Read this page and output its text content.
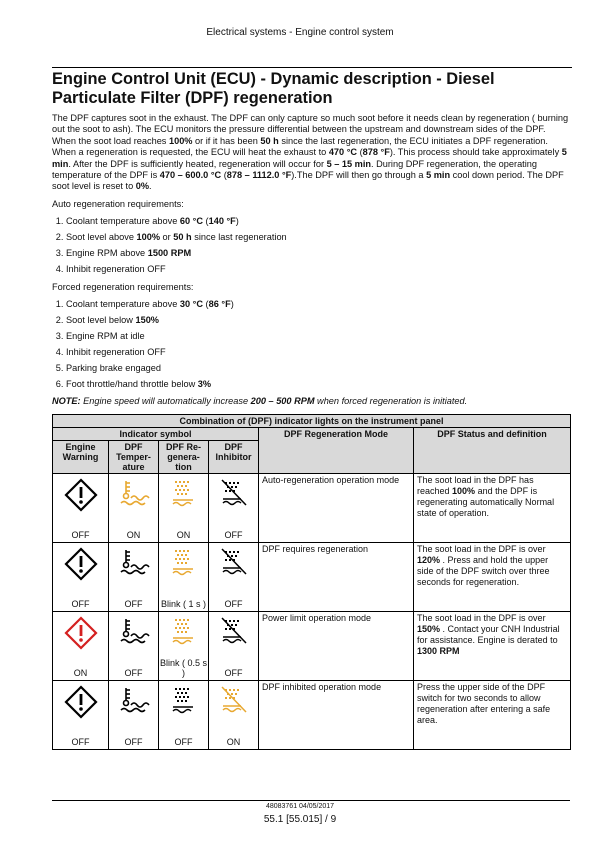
Electrical systems - Engine control system
Engine Control Unit (ECU) - Dynamic description - Diesel Particulate Filter (DPF) regeneration

The DPF captures soot in the exhaust. The DPF can only capture so much soot before it needs clean by regeneration ( burning out the soot to ash). The ECU monitors the pressure differential between the upstream and downstream sides of the DPF. When the soot load reaches 100% or if it has been 50 h since the last regeneration, the ECU initiates a DPF regeneration. When a regeneration is requested, the ECU will heat the exhaust to 470 °C (878 °F). This process should take approximately 5 min. After the DPF is sufficiently heated, regeneration will occur for 5 – 15 min. During DPF regeneration, the operating temperature of the DPF is 470 – 600.0 °C (878 – 1112.0 °F).The DPF will then go through a 5 min cool down period. The DPF soot level is reset to 0%.

Auto regeneration requirements:

1. Coolant temperature above 60 °C (140 °F)
2. Soot level above 100% or 50 h since last regeneration
3. Engine RPM above 1500 RPM
4. Inhibit regeneration OFF

Forced regeneration requirements:

1. Coolant temperature above 30 °C (86 °F)
2. Soot level below 150%
3. Engine RPM at idle
4. Inhibit regeneration OFF
5. Parking brake engaged
6. Foot throttle/hand throttle below 3%

NOTE: Engine speed will automatically increase 200 – 500 RPM when forced regeneration is initiated.

Combination of (DPF) indicator lights on the instrument panel					
Indicator symbol				DPF Regeneration Mode	DPF Status and definition
Engine Warning	DPF Temper-ature	DPF Re-genera-tion	DPF Inhibitor		

OFF	ON	ON	OFF	Auto-regeneration operation mode	The soot load in the DPF has reached 100% and the DPF is regenerating automatically Normal state of operation.

OFF	OFF	Blink ( 1 s )	OFF	DPF requires regeneration	The soot load in the DPF is over 120% . Press and hold the upper side of the DPF switch over three seconds for regeneration.

ON	OFF	Blink ( 0.5 s )	OFF	Power limit operation mode	The soot load in the DPF is over 150% . Contact your CNH Industrial for assistance. Engine is derated to 1300 RPM

OFF	OFF	OFF	ON	DPF inhibited operation mode	Press the upper side of the DPF switch for two seconds to allow regeneration after entering a safe area.
48083761 04/05/2017
55.1 [55.015] / 9
